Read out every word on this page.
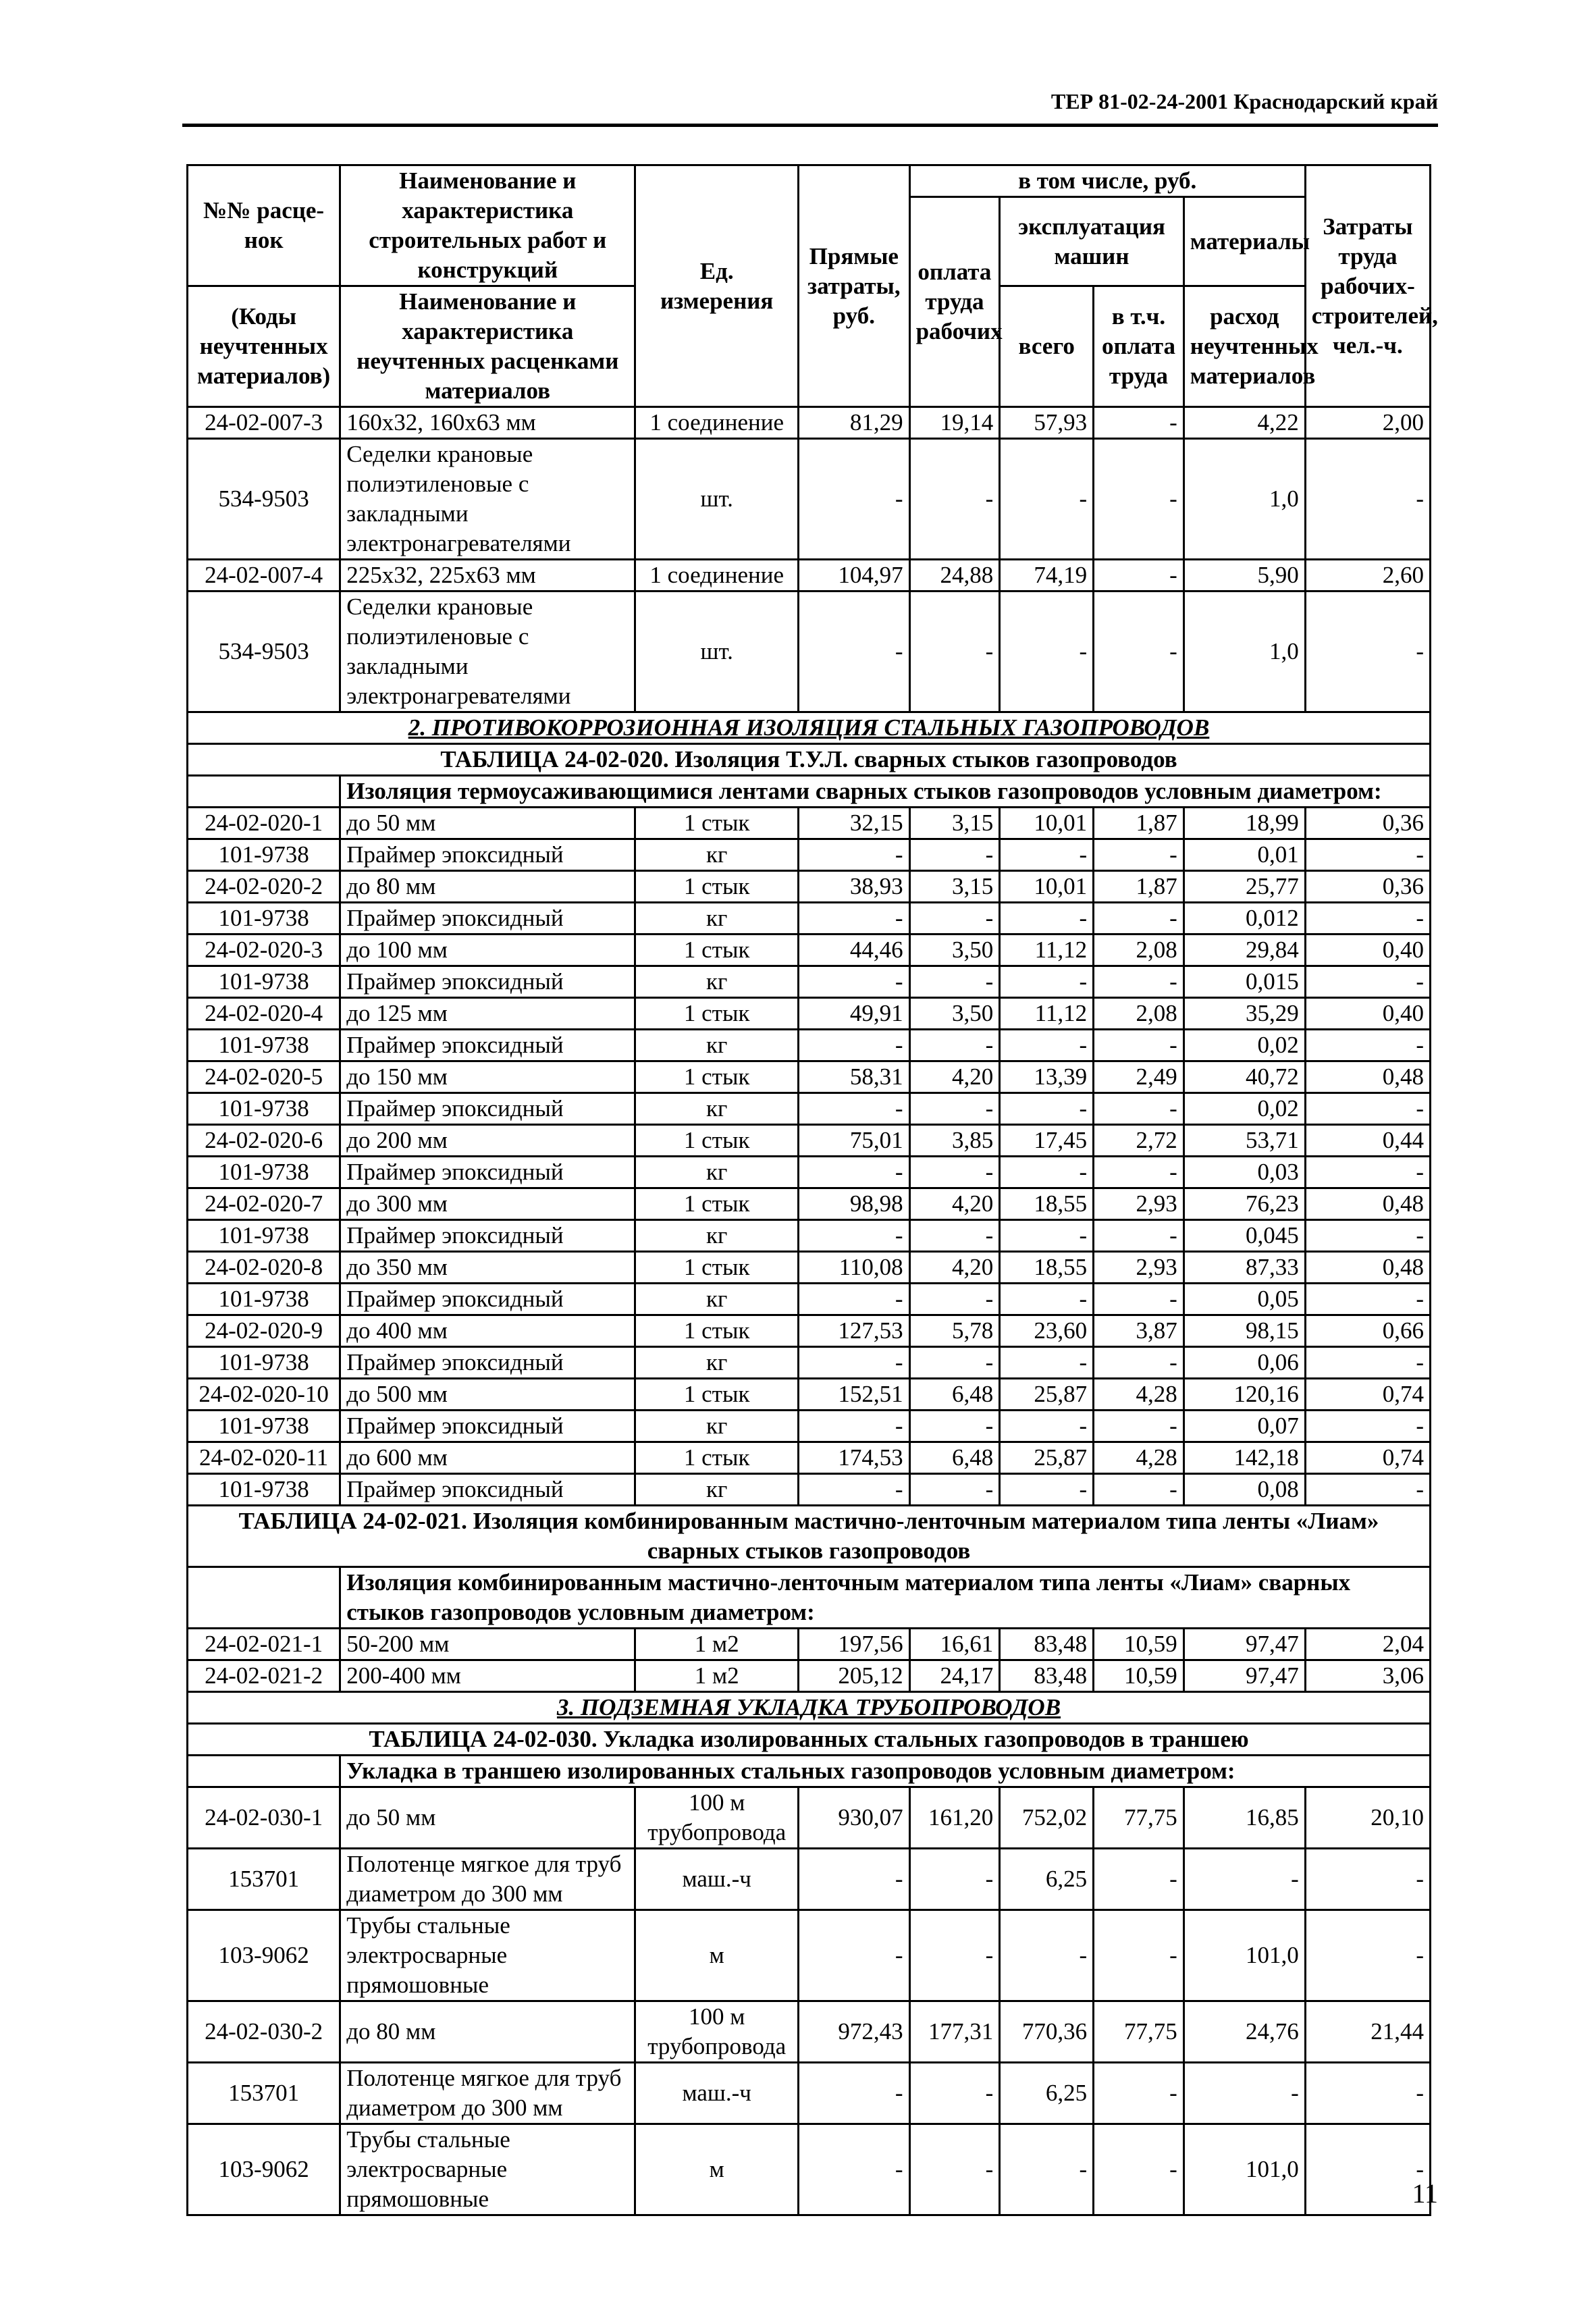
ТЕР 81-02-24-2001 Краснодарский край
№№ расце-нок	Наименование и характеристика строительных работ и конструкций	Ед. измерения	Прямые затраты, руб.	в том числе, руб.				Затраты труда рабочих-строителей, чел.-ч.
				оплата труда рабочих	эксплуатация машин		материалы	

(Коды неучтенных материалов)	Наименование и характеристика неучтенных расценками материалов				всего	в т.ч. оплата труда	расход неучтенных материалов	

24-02-007-3	160x32, 160x63 мм	1 соединение	81,29	19,14	57,93	-	4,22	2,00
534-9503	Седелки крановые полиэтиленовые с закладными электронагревателями	шт.	-	-	-	-	1,0	-
24-02-007-4	225x32, 225x63 мм	1 соединение	104,97	24,88	74,19	-	5,90	2,60
534-9503	Седелки крановые полиэтиленовые с закладными электронагревателями	шт.	-	-	-	-	1,0	-
2. ПРОТИВОКОРРОЗИОННАЯ ИЗОЛЯЦИЯ СТАЛЬНЫХ ГАЗОПРОВОДОВ								
ТАБЛИЦА 24-02-020. Изоляция Т.У.Л. сварных стыков газопроводов								
	Изоляция термоусаживающимися лентами сварных стыков газопроводов условным диаметром:							
24-02-020-1	до 50 мм	1 стык	32,15	3,15	10,01	1,87	18,99	0,36
101-9738	Праймер эпоксидный	кг	-	-	-	-	0,01	-
24-02-020-2	до 80 мм	1 стык	38,93	3,15	10,01	1,87	25,77	0,36
101-9738	Праймер эпоксидный	кг	-	-	-	-	0,012	-
24-02-020-3	до 100 мм	1 стык	44,46	3,50	11,12	2,08	29,84	0,40
101-9738	Праймер эпоксидный	кг	-	-	-	-	0,015	-
24-02-020-4	до 125 мм	1 стык	49,91	3,50	11,12	2,08	35,29	0,40
101-9738	Праймер эпоксидный	кг	-	-	-	-	0,02	-
24-02-020-5	до 150 мм	1 стык	58,31	4,20	13,39	2,49	40,72	0,48
101-9738	Праймер эпоксидный	кг	-	-	-	-	0,02	-
24-02-020-6	до 200 мм	1 стык	75,01	3,85	17,45	2,72	53,71	0,44
101-9738	Праймер эпоксидный	кг	-	-	-	-	0,03	-
24-02-020-7	до 300 мм	1 стык	98,98	4,20	18,55	2,93	76,23	0,48
101-9738	Праймер эпоксидный	кг	-	-	-	-	0,045	-
24-02-020-8	до 350 мм	1 стык	110,08	4,20	18,55	2,93	87,33	0,48
101-9738	Праймер эпоксидный	кг	-	-	-	-	0,05	-
24-02-020-9	до 400 мм	1 стык	127,53	5,78	23,60	3,87	98,15	0,66
101-9738	Праймер эпоксидный	кг	-	-	-	-	0,06	-
24-02-020-10	до 500 мм	1 стык	152,51	6,48	25,87	4,28	120,16	0,74
101-9738	Праймер эпоксидный	кг	-	-	-	-	0,07	-
24-02-020-11	до 600 мм	1 стык	174,53	6,48	25,87	4,28	142,18	0,74
101-9738	Праймер эпоксидный	кг	-	-	-	-	0,08	-
ТАБЛИЦА 24-02-021. Изоляция комбинированным мастично-ленточным материалом типа ленты «Лиам» сварных стыков газопроводов								
	Изоляция комбинированным мастично-ленточным материалом типа ленты «Лиам» сварных стыков газопроводов условным диаметром:							
24-02-021-1	50-200 мм	1 м2	197,56	16,61	83,48	10,59	97,47	2,04
24-02-021-2	200-400 мм	1 м2	205,12	24,17	83,48	10,59	97,47	3,06
3. ПОДЗЕМНАЯ УКЛАДКА ТРУБОПРОВОДОВ								
ТАБЛИЦА 24-02-030. Укладка изолированных стальных газопроводов в траншею								
	Укладка в траншею изолированных стальных газопроводов условным диаметром:							
24-02-030-1	до 50 мм	100 м трубопровода	930,07	161,20	752,02	77,75	16,85	20,10
153701	Полотенце мягкое для труб диаметром до 300 мм	маш.-ч	-	-	6,25	-	-	-
103-9062	Трубы стальные электросварные прямошовные	м	-	-	-	-	101,0	-
24-02-030-2	до 80 мм	100 м трубопровода	972,43	177,31	770,36	77,75	24,76	21,44
153701	Полотенце мягкое для труб диаметром до 300 мм	маш.-ч	-	-	6,25	-	-	-
103-9062	Трубы стальные электросварные прямошовные	м	-	-	-	-	101,0	-
11
